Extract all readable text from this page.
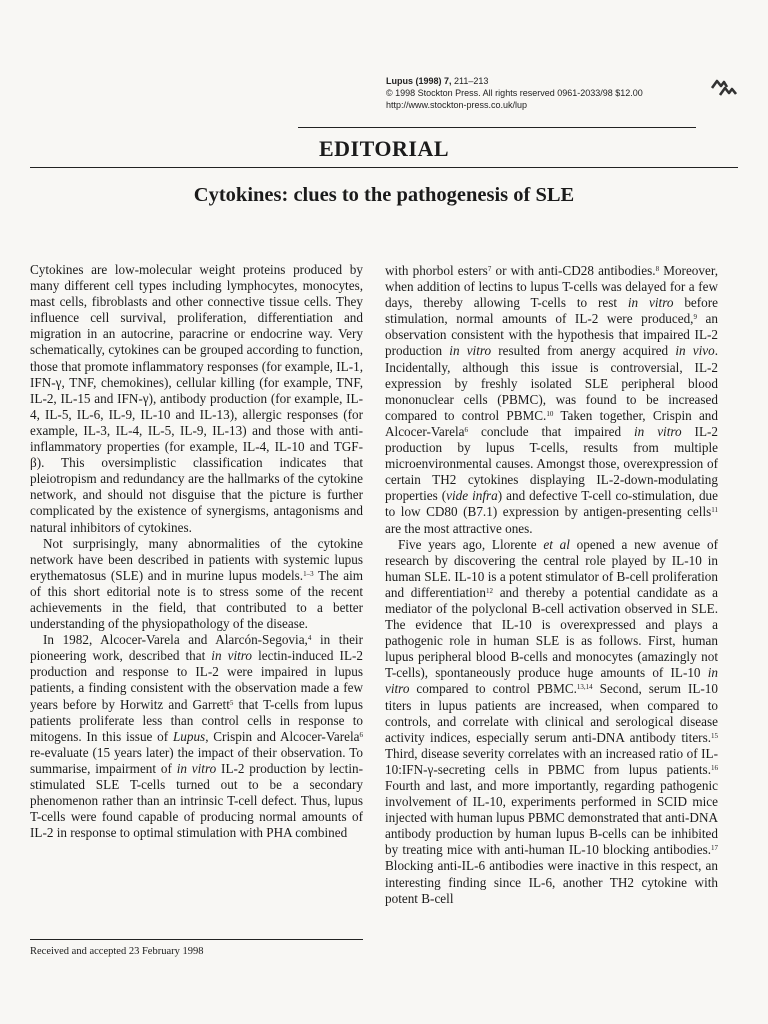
Lupus (1998) 7, 211–213
© 1998 Stockton Press. All rights reserved 0961-2033/98 $12.00
http://www.stockton-press.co.uk/lup
EDITORIAL
Cytokines: clues to the pathogenesis of SLE

Cytokines are low-molecular weight proteins produced by many different cell types including lymphocytes, monocytes, mast cells, fibroblasts and other connective tissue cells. They influence cell survival, proliferation, differentiation and migration in an autocrine, paracrine or endocrine way. Very schematically, cytokines can be grouped according to function, those that promote inflammatory responses (for example, IL-1, IFN-γ, TNF, chemokines), cellular killing (for example, TNF, IL-2, IL-15 and IFN-γ), antibody production (for example, IL-4, IL-5, IL-6, IL-9, IL-10 and IL-13), allergic responses (for example, IL-3, IL-4, IL-5, IL-9, IL-13) and those with anti-inflammatory properties (for example, IL-4, IL-10 and TGF-β). This oversimplistic classification indicates that pleiotropism and redundancy are the hallmarks of the cytokine network, and should not disguise that the picture is further complicated by the existence of synergisms, antagonisms and natural inhibitors of cytokines.

Not surprisingly, many abnormalities of the cytokine network have been described in patients with systemic lupus erythematosus (SLE) and in murine lupus models.$^{1-3}$ The aim of this short editorial note is to stress some of the recent achievements in the field, that contributed to a better understanding of the physiopathology of the disease.

In 1982, Alcocer-Varela and Alarcón-Segovia,$^4$ in their pioneering work, described that in vitro lectin-induced IL-2 production and response to IL-2 were impaired in lupus patients, a finding consistent with the observation made a few years before by Horwitz and Garrett$^5$ that T-cells from lupus patients proliferate less than control cells in response to mitogens. In this issue of Lupus, Crispin and Alcocer-Varela$^6$ re-evaluate (15 years later) the impact of their observation. To summarise, impairment of in vitro IL-2 production by lectin-stimulated SLE T-cells turned out to be a secondary phenomenon rather than an intrinsic T-cell defect. Thus, lupus T-cells were found capable of producing normal amounts of IL-2 in response to optimal stimulation with PHA combined

with phorbol esters$^7$ or with anti-CD28 antibodies.$^8$ Moreover, when addition of lectins to lupus T-cells was delayed for a few days, thereby allowing T-cells to rest in vitro before stimulation, normal amounts of IL-2 were produced,$^9$ an observation consistent with the hypothesis that impaired IL-2 production in vitro resulted from anergy acquired in vivo. Incidentally, although this issue is controversial, IL-2 expression by freshly isolated SLE peripheral blood mononuclear cells (PBMC), was found to be increased compared to control PBMC.$^{10}$ Taken together, Crispin and Alcocer-Varela$^6$ conclude that impaired in vitro IL-2 production by lupus T-cells, results from multiple microenvironmental causes. Amongst those, overexpression of certain TH2 cytokines displaying IL-2-down-modulating properties (vide infra) and defective T-cell co-stimulation, due to low CD80 (B7.1) expression by antigen-presenting cells$^{11}$ are the most attractive ones.

Five years ago, Llorente et al opened a new avenue of research by discovering the central role played by IL-10 in human SLE. IL-10 is a potent stimulator of B-cell proliferation and differentiation$^{12}$ and thereby a potential candidate as a mediator of the polyclonal B-cell activation observed in SLE. The evidence that IL-10 is overexpressed and plays a pathogenic role in human SLE is as follows. First, human lupus peripheral blood B-cells and monocytes (amazingly not T-cells), spontaneously produce huge amounts of IL-10 in vitro compared to control PBMC.$^{13,14}$ Second, serum IL-10 titers in lupus patients are increased, when compared to controls, and correlate with clinical and serological disease activity indices, especially serum anti-DNA antibody titers.$^{15}$ Third, disease severity correlates with an increased ratio of IL-10:IFN-γ-secreting cells in PBMC from lupus patients.$^{16}$ Fourth and last, and more importantly, regarding pathogenic involvement of IL-10, experiments performed in SCID mice injected with human lupus PBMC demonstrated that anti-DNA antibody production by human lupus B-cells can be inhibited by treating mice with anti-human IL-10 blocking antibodies.$^{17}$ Blocking anti-IL-6 antibodies were inactive in this respect, an interesting finding since IL-6, another TH2 cytokine with potent B-cell

Received and accepted 23 February 1998
